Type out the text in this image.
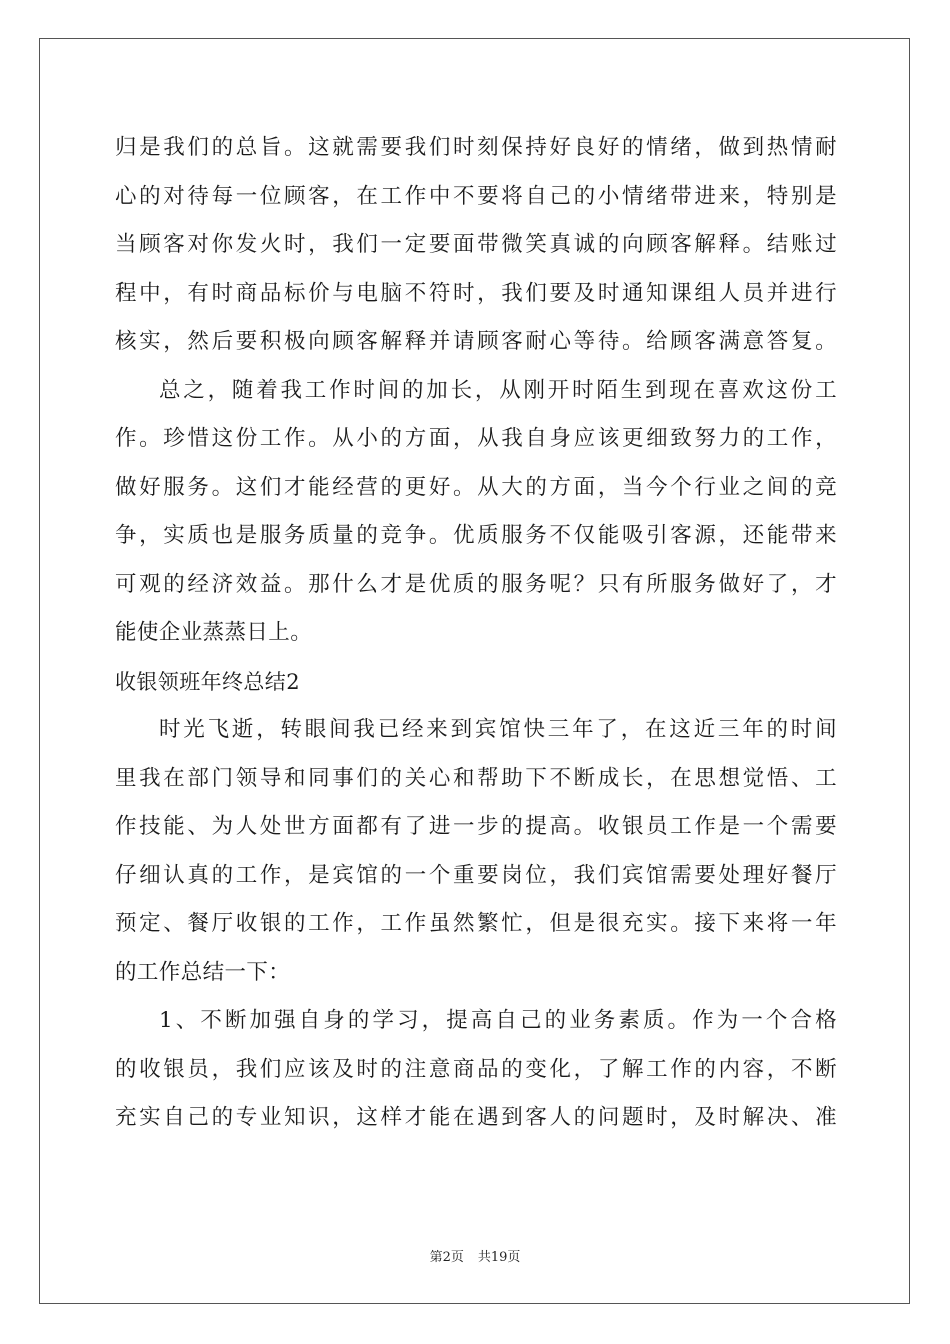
归是我们的总旨。这就需要我们时刻保持好良好的情绪，做到热情耐
心的对待每一位顾客，在工作中不要将自己的小情绪带进来，特别是
当顾客对你发火时，我们一定要面带微笑真诚的向顾客解释。结账过
程中，有时商品标价与电脑不符时，我们要及时通知课组人员并进行
核实，然后要积极向顾客解释并请顾客耐心等待。给顾客满意答复。
总之，随着我工作时间的加长，从刚开时陌生到现在喜欢这份工
作。珍惜这份工作。从小的方面，从我自身应该更细致努力的工作，
做好服务。这们才能经营的更好。从大的方面，当今个行业之间的竞
争，实质也是服务质量的竞争。优质服务不仅能吸引客源，还能带来
可观的经济效益。那什么才是优质的服务呢？只有所服务做好了，才
能使企业蒸蒸日上。
收银领班年终总结2
时光飞逝，转眼间我已经来到宾馆快三年了，在这近三年的时间
里我在部门领导和同事们的关心和帮助下不断成长，在思想觉悟、工
作技能、为人处世方面都有了进一步的提高。收银员工作是一个需要
仔细认真的工作，是宾馆的一个重要岗位，我们宾馆需要处理好餐厅
预定、餐厅收银的工作，工作虽然繁忙，但是很充实。接下来将一年
的工作总结一下：
1、不断加强自身的学习，提高自己的业务素质。作为一个合格
的收银员，我们应该及时的注意商品的变化，了解工作的内容，不断
充实自己的专业知识，这样才能在遇到客人的问题时，及时解决、准
第2页 共19页
